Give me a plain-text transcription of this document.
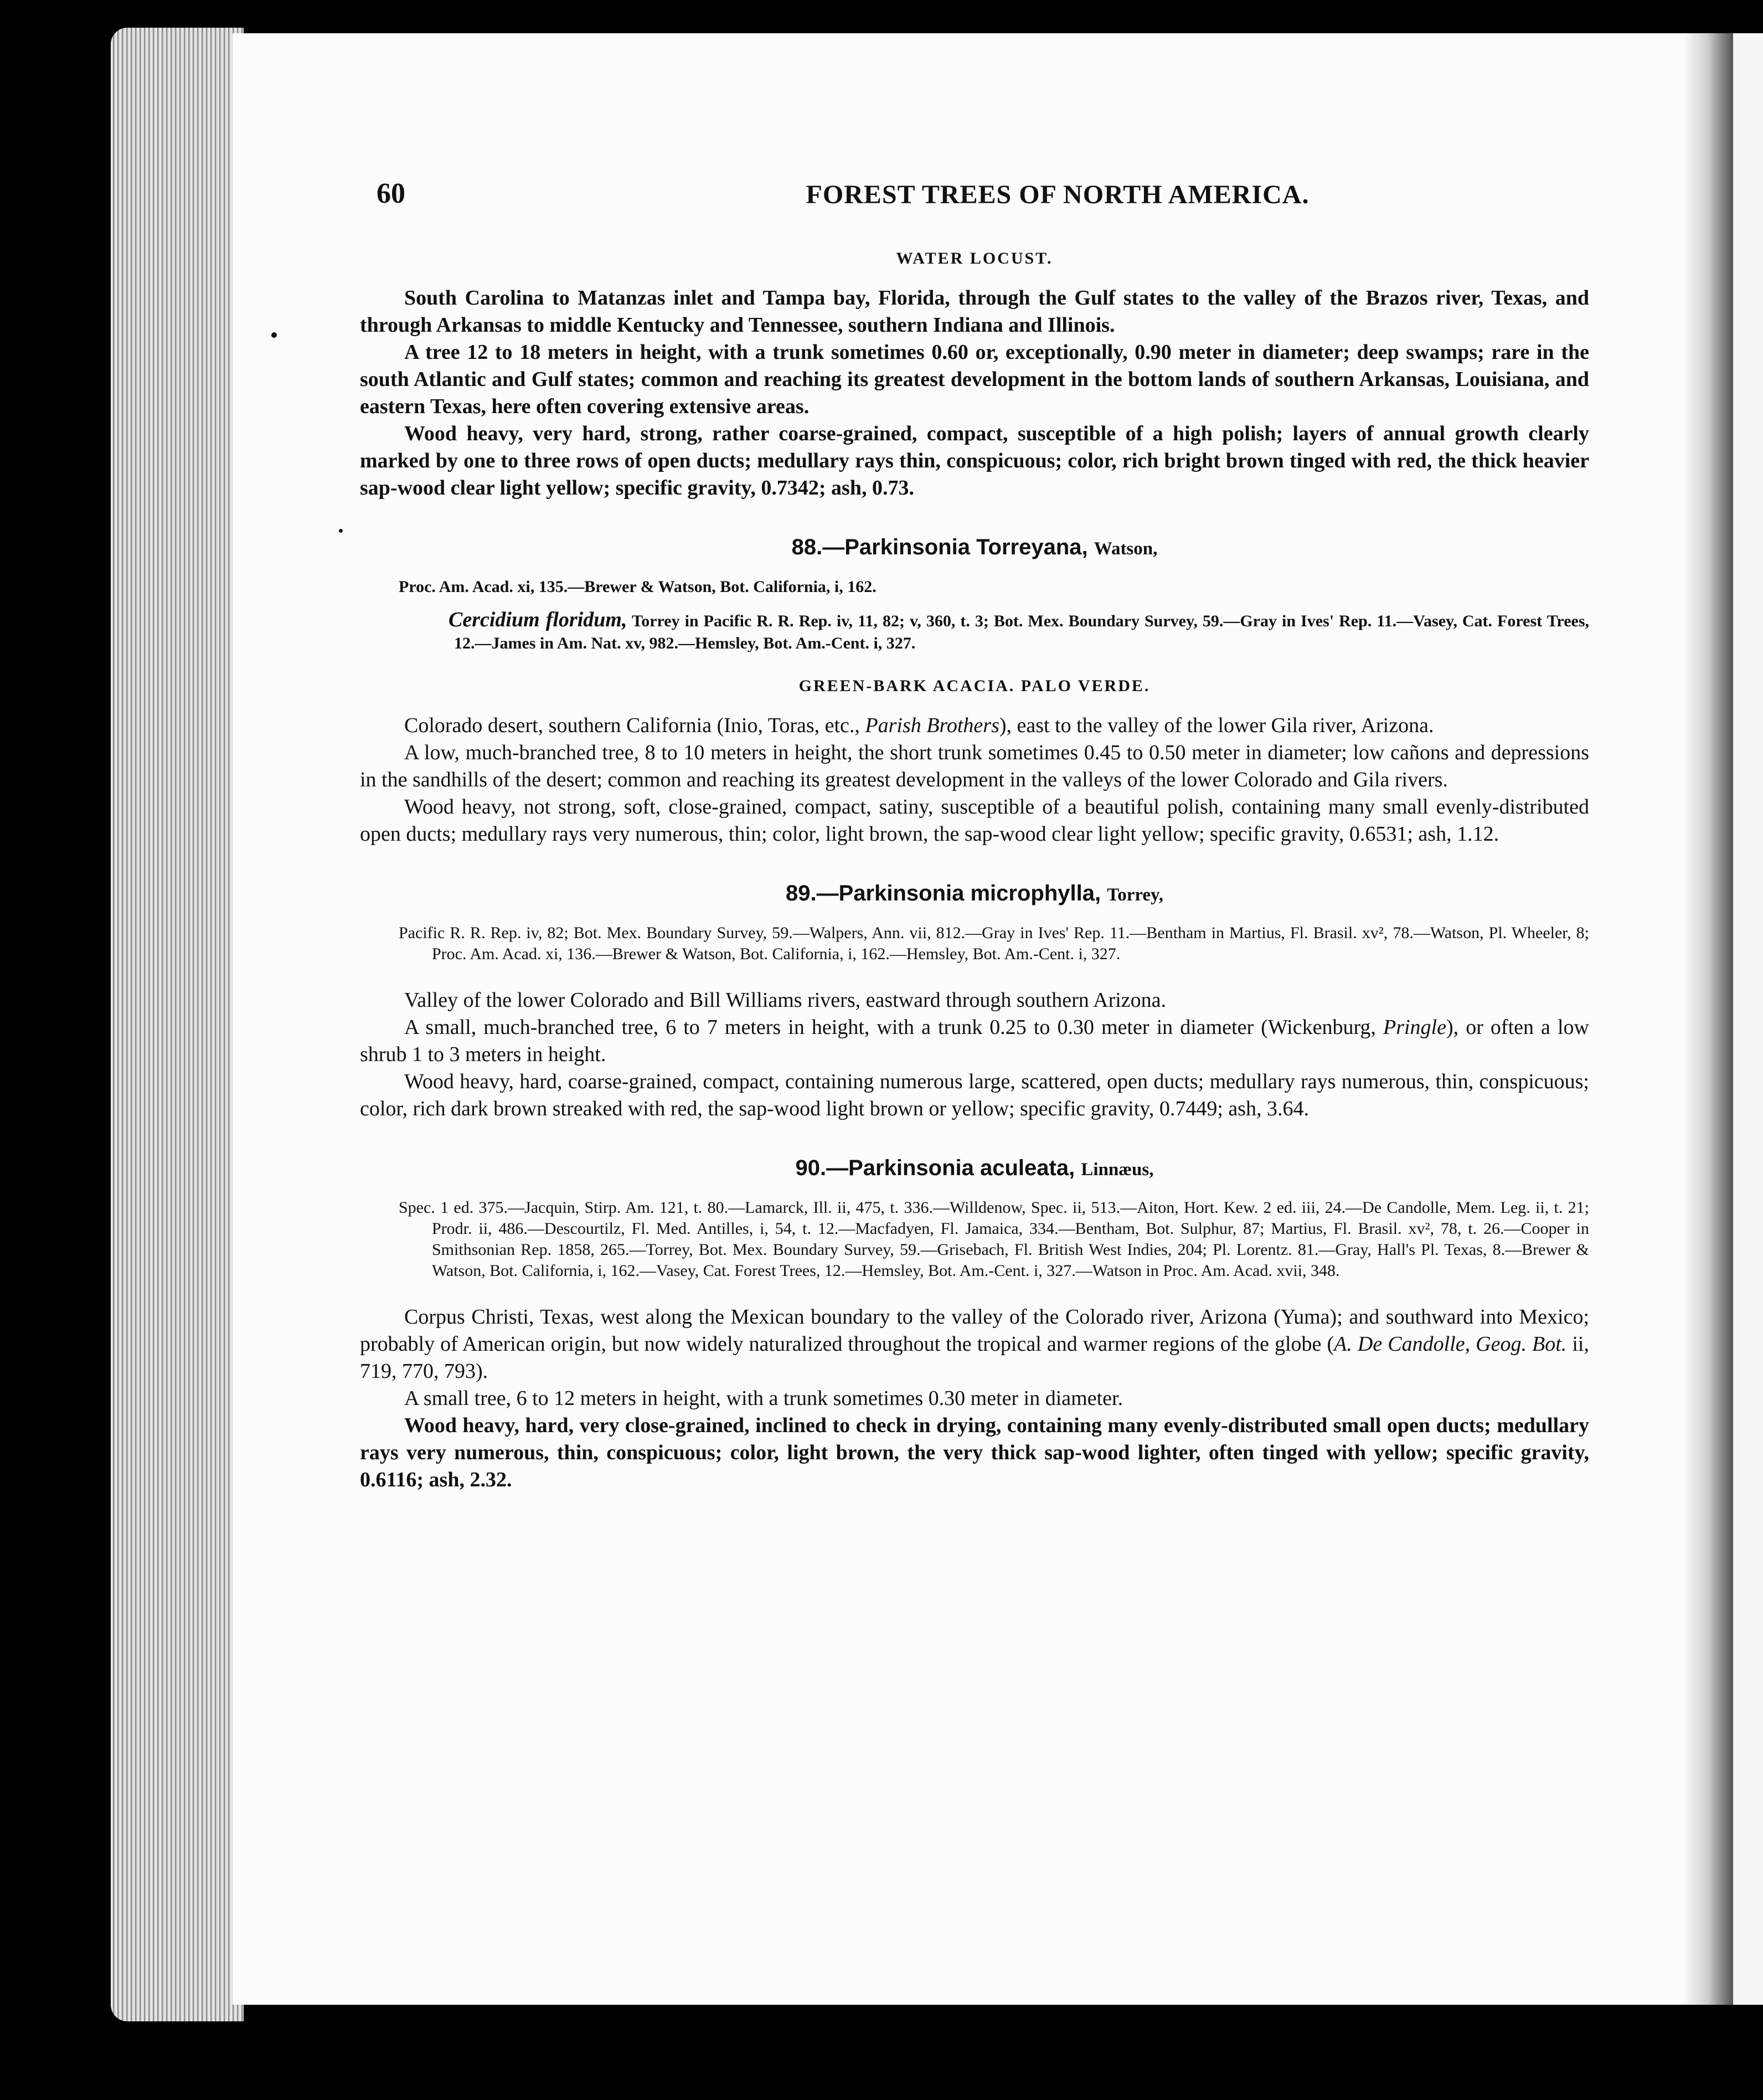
60	FOREST TREES OF NORTH AMERICA.

WATER LOCUST.

South Carolina to Matanzas inlet and Tampa bay, Florida, through the Gulf states to the valley of the Brazos river, Texas, and through Arkansas to middle Kentucky and Tennessee, southern Indiana and Illinois.

A tree 12 to 18 meters in height, with a trunk sometimes 0.60 or, exceptionally, 0.90 meter in diameter; deep swamps; rare in the south Atlantic and Gulf states; common and reaching its greatest development in the bottom lands of southern Arkansas, Louisiana, and eastern Texas, here often covering extensive areas.

Wood heavy, very hard, strong, rather coarse-grained, compact, susceptible of a high polish; layers of annual growth clearly marked by one to three rows of open ducts; medullary rays thin, conspicuous; color, rich bright brown tinged with red, the thick heavier sap-wood clear light yellow; specific gravity, 0.7342; ash, 0.73.

88.—Parkinsonia Torreyana, Watson,

Proc. Am. Acad. xi, 135.—Brewer & Watson, Bot. California, i, 162.

Cercidium floridum, Torrey in Pacific R. R. Rep. iv, 11, 82; v, 360, t. 3; Bot. Mex. Boundary Survey, 59.—Gray in Ives' Rep. 11.—Vasey, Cat. Forest Trees, 12.—James in Am. Nat. xv, 982.—Hemsley, Bot. Am.-Cent. i, 327.

GREEN-BARK ACACIA. PALO VERDE.

Colorado desert, southern California (Inio, Toras, etc., Parish Brothers), east to the valley of the lower Gila river, Arizona.

A low, much-branched tree, 8 to 10 meters in height, the short trunk sometimes 0.45 to 0.50 meter in diameter; low cañons and depressions in the sandhills of the desert; common and reaching its greatest development in the valleys of the lower Colorado and Gila rivers.

Wood heavy, not strong, soft, close-grained, compact, satiny, susceptible of a beautiful polish, containing many small evenly-distributed open ducts; medullary rays very numerous, thin; color, light brown, the sap-wood clear light yellow; specific gravity, 0.6531; ash, 1.12.

89.—Parkinsonia microphylla, Torrey,

Pacific R. R. Rep. iv, 82; Bot. Mex. Boundary Survey, 59.—Walpers, Ann. vii, 812.—Gray in Ives' Rep. 11.—Bentham in Martius, Fl. Brasil. xv², 78.—Watson, Pl. Wheeler, 8; Proc. Am. Acad. xi, 136.—Brewer & Watson, Bot. California, i, 162.—Hemsley, Bot. Am.-Cent. i, 327.

Valley of the lower Colorado and Bill Williams rivers, eastward through southern Arizona.

A small, much-branched tree, 6 to 7 meters in height, with a trunk 0.25 to 0.30 meter in diameter (Wickenburg, Pringle), or often a low shrub 1 to 3 meters in height.

Wood heavy, hard, coarse-grained, compact, containing numerous large, scattered, open ducts; medullary rays numerous, thin, conspicuous; color, rich dark brown streaked with red, the sap-wood light brown or yellow; specific gravity, 0.7449; ash, 3.64.

90.—Parkinsonia aculeata, Linnæus,

Spec. 1 ed. 375.—Jacquin, Stirp. Am. 121, t. 80.—Lamarck, Ill. ii, 475, t. 336.—Willdenow, Spec. ii, 513.—Aiton, Hort. Kew. 2 ed. iii, 24.—De Candolle, Mem. Leg. ii, t. 21; Prodr. ii, 486.—Descourtilz, Fl. Med. Antilles, i, 54, t. 12.—Macfadyen, Fl. Jamaica, 334.—Bentham, Bot. Sulphur, 87; Martius, Fl. Brasil. xv², 78, t. 26.—Cooper in Smithsonian Rep. 1858, 265.—Torrey, Bot. Mex. Boundary Survey, 59.—Grisebach, Fl. British West Indies, 204; Pl. Lorentz. 81.—Gray, Hall's Pl. Texas, 8.—Brewer & Watson, Bot. California, i, 162.—Vasey, Cat. Forest Trees, 12.—Hemsley, Bot. Am.-Cent. i, 327.—Watson in Proc. Am. Acad. xvii, 348.

Corpus Christi, Texas, west along the Mexican boundary to the valley of the Colorado river, Arizona (Yuma); and southward into Mexico; probably of American origin, but now widely naturalized throughout the tropical and warmer regions of the globe (A. De Candolle, Geog. Bot. ii, 719, 770, 793).

A small tree, 6 to 12 meters in height, with a trunk sometimes 0.30 meter in diameter.

Wood heavy, hard, very close-grained, inclined to check in drying, containing many evenly-distributed small open ducts; medullary rays very numerous, thin, conspicuous; color, light brown, the very thick sap-wood lighter, often tinged with yellow; specific gravity, 0.6116; ash, 2.32.
